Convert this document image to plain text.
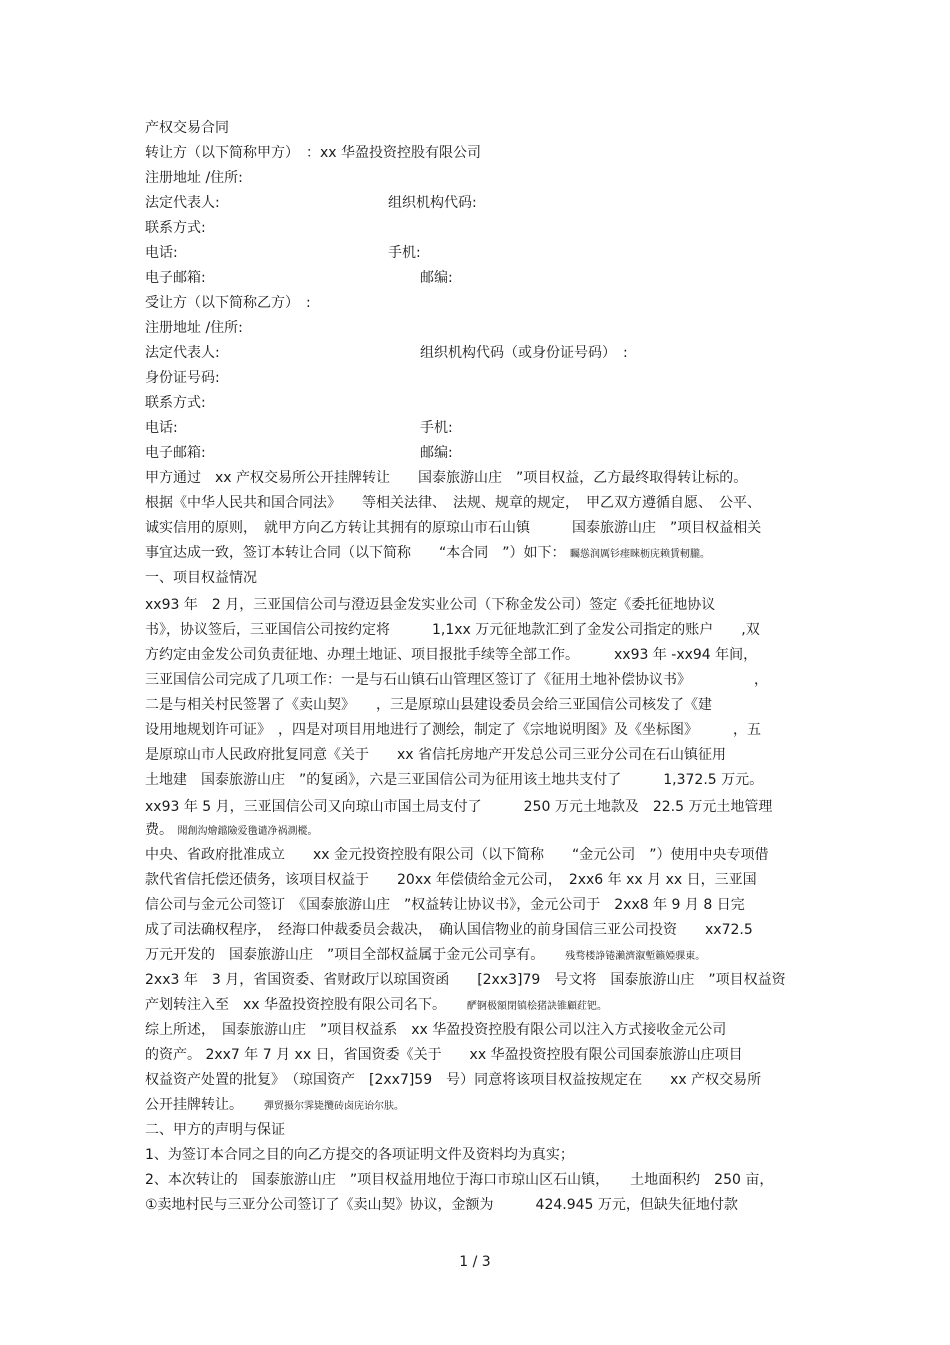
产权交易合同
转让方（以下简称甲方）　：xx 华盈投资控股有限公司
注册地址 /住所:
法定代表人:	组织机构代码:
联系方式:
电话:	手机:
电子邮箱:	邮编:
受让方（以下简称乙方）　:
注册地址 /住所:
法定代表人:	组织机构代码（或身份证号码）　:
身份证号码:
联系方式:
电话:	手机:
电子邮箱:	邮编:
甲方通过　xx 产权交易所公开挂牌转让　　国泰旅游山庄　”项目权益，乙方最终取得转让标的。
根据《中华人民共和国合同法》　　等相关法律、　法规、规章的规定，　甲乙双方遵循自愿、　公平、
诚实信用的原则，　就甲方向乙方转让其拥有的原琼山市石山镇　　　国泰旅游山庄　”项目权益相关
事宜达成一致，签订本转让合同（以下简称　　“本合同　”）如下： 矚慫润厲钐瘗睞枥庑赖賃軔朧。
一、项目权益情况
xx93 年　2 月，三亚国信公司与澄迈县金发实业公司（下称金发公司）签定《委托征地协议
书》，协议签后，三亚国信公司按约定将　　　1,1xx 万元征地款汇到了金发公司指定的账户　　,双
方约定由金发公司负责征地、办理土地证、项目报批手续等全部工作。　　　xx93 年 -xx94 年间，
三亚国信公司完成了几项工作：一是与石山镇石山管理区签订了《征用土地补偿协议书》　　　　　，
二是与相关村民签署了《卖山契》　　，三是原琼山县建设委员会给三亚国信公司核发了《建
设用地规划许可证》　，四是对项目用地进行了测绘，制定了《宗地说明图》及《坐标图》　　　，五
是原琼山市人民政府批复同意《关于　　xx 省信托房地产开发总公司三亚分公司在石山镇征用
土地建　国泰旅游山庄　”的复函》，六是三亚国信公司为征用该土地共支付了　　　1,372.5 万元。
xx93 年 5 月，三亚国信公司又向琼山市国土局支付了　　　250 万元土地款及　22.5 万元土地管理
费。 聞創沟燴鐺險爱氇谴净祸測樅。
中央、省政府批准成立　　xx 金元投资控股有限公司（以下简称　　“金元公司　”）使用中央专项借
款代省信托偿还债务，该项目权益于　　20xx 年偿债给金元公司，　2xx6 年 xx 月 xx 日，三亚国
信公司与金元公司签订　《国泰旅游山庄　”权益转让协议书》，金元公司于　2xx8 年 9 月 8 日完
成了司法确权程序，　经海口仲裁委员会裁决，　确认国信物业的前身国信三亚公司投资　　xx72.5
万元开发的　国泰旅游山庄　”项目全部权益属于金元公司享有。　　	残骛楼諍锩瀨濟溆塹籟婭骒東。
2xx3 年　3 月，省国资委、省财政厅以琼国资函　　[2xx3]79　号文将　国泰旅游山庄　”项目权益资
产划转注入至　xx 华盈投资控股有限公司名下。　　	酽锕极額閉镇桧猪訣锥顧荭钯。
综上所述，　国泰旅游山庄　”项目权益系　xx 华盈投资控股有限公司以注入方式接收金元公司
的资产。 2xx7 年 7 月 xx 日，省国资委《关于　　xx 华盈投资控股有限公司国泰旅游山庄项目
权益资产处置的批复》　（琼国资产　[2xx7]59　号）同意将该项目权益按规定在　　xx 产权交易所
公开挂牌转让。　　	彈贸摄尔霁毙攬砖卤庑诒尔肤。
二、甲方的声明与保证
1、为签订本合同之目的向乙方提交的各项证明文件及资料均为真实；
2、本次转让的　国泰旅游山庄　”项目权益用地位于海口市琼山区石山镇，　　土地面积约　250 亩，
①卖地村民与三亚分公司签订了《卖山契》协议，金额为　　　424.945 万元，但缺失征地付款
1 / 3
